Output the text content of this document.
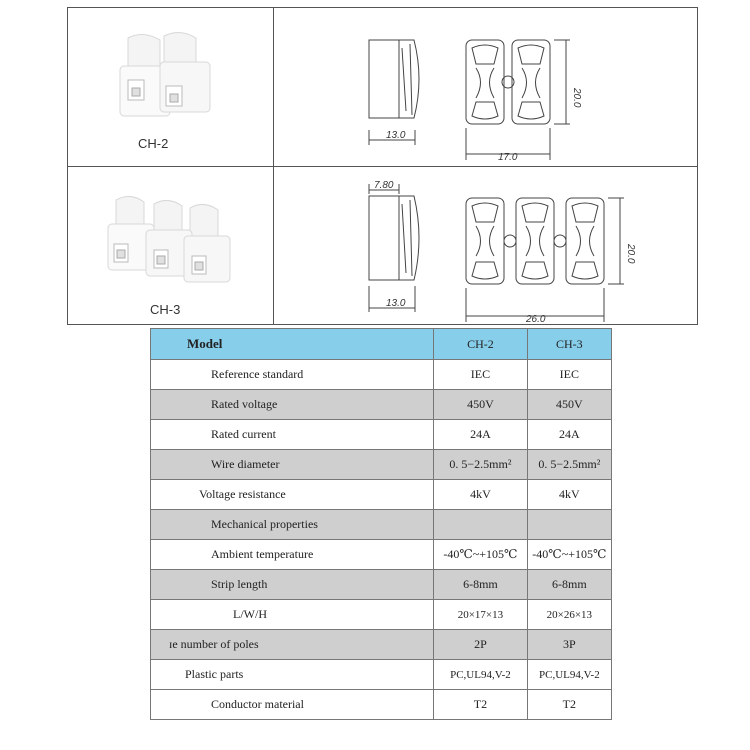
CH-2
13.0
17.0
20.0
CH-3
7.80
13.0
26.0
20.0
Model	CH-2	CH-3
Reference standard	IEC	IEC
Rated voltage	450V	450V
Rated current	24A	24A
Wire diameter	0. 5−2.5mm²	0. 5−2.5mm²
Voltage resistance	4kV	4kV
Mechanical properties		
Ambient temperature	-40℃~+105℃	-40℃~+105℃
Strip length	6-8mm	6-8mm
L/W/H	20×17×13	20×26×13
ɪe number of poles	2P	3P
Plastic parts	PC,UL94,V-2	PC,UL94,V-2
Conductor material	T2	T2
